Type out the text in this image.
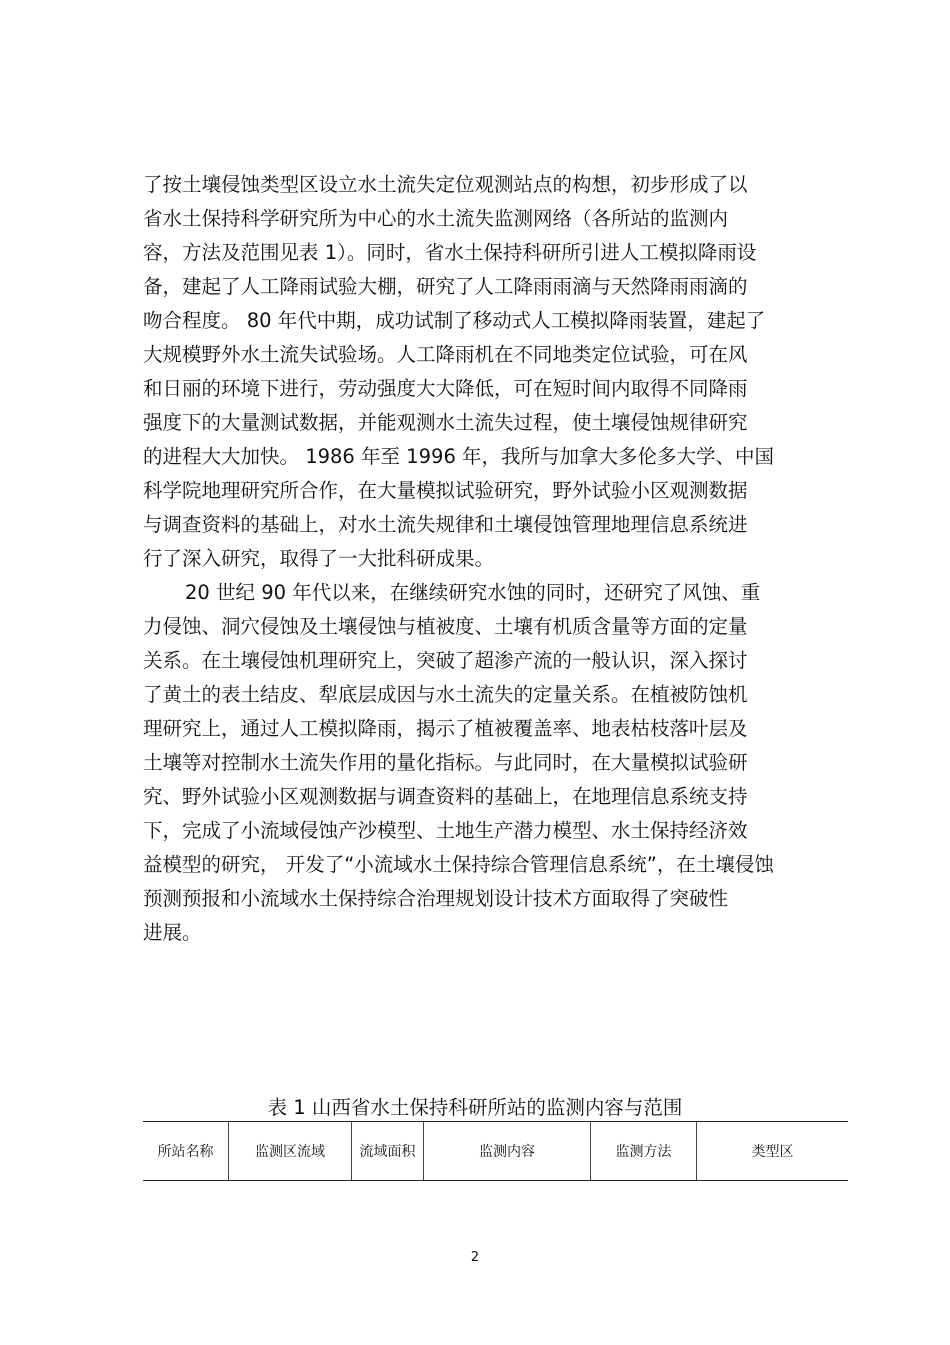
了按土壤侵蚀类型区设立水土流失定位观测站点的构想，初步形成了以
省水土保持科学研究所为中心的水土流失监测网络（各所站的监测内
容，方法及范围见表 1）。同时，省水土保持科研所引进人工模拟降雨设
备，建起了人工降雨试验大棚，研究了人工降雨雨滴与天然降雨雨滴的
吻合程度。 80 年代中期，成功试制了移动式人工模拟降雨装置，建起了
大规模野外水土流失试验场。人工降雨机在不同地类定位试验，可在风
和日丽的环境下进行，劳动强度大大降低，可在短时间内取得不同降雨
强度下的大量测试数据，并能观测水土流失过程，使土壤侵蚀规律研究
的进程大大加快。 1986 年至 1996 年，我所与加拿大多伦多大学、中国
科学院地理研究所合作，在大量模拟试验研究，野外试验小区观测数据
与调查资料的基础上，对水土流失规律和土壤侵蚀管理地理信息系统进
行了深入研究，取得了一大批科研成果。
20 世纪 90 年代以来，在继续研究水蚀的同时，还研究了风蚀、重
力侵蚀、洞穴侵蚀及土壤侵蚀与植被度、土壤有机质含量等方面的定量
关系。在土壤侵蚀机理研究上，突破了超渗产流的一般认识，深入探讨
了黄土的表土结皮、犁底层成因与水土流失的定量关系。在植被防蚀机
理研究上，通过人工模拟降雨，揭示了植被覆盖率、地表枯枝落叶层及
土壤等对控制水土流失作用的量化指标。与此同时，在大量模拟试验研
究、野外试验小区观测数据与调查资料的基础上，在地理信息系统支持
下，完成了小流域侵蚀产沙模型、土地生产潜力模型、水土保持经济效
益模型的研究， 开发了“小流域水土保持综合管理信息系统”，在土壤侵蚀
预测预报和小流域水土保持综合治理规划设计技术方面取得了突破性
进展。
表 1 山西省水土保持科研所站的监测内容与范围
所站名称	监测区流域	流域面积	监测内容	监测方法	类型区
2
